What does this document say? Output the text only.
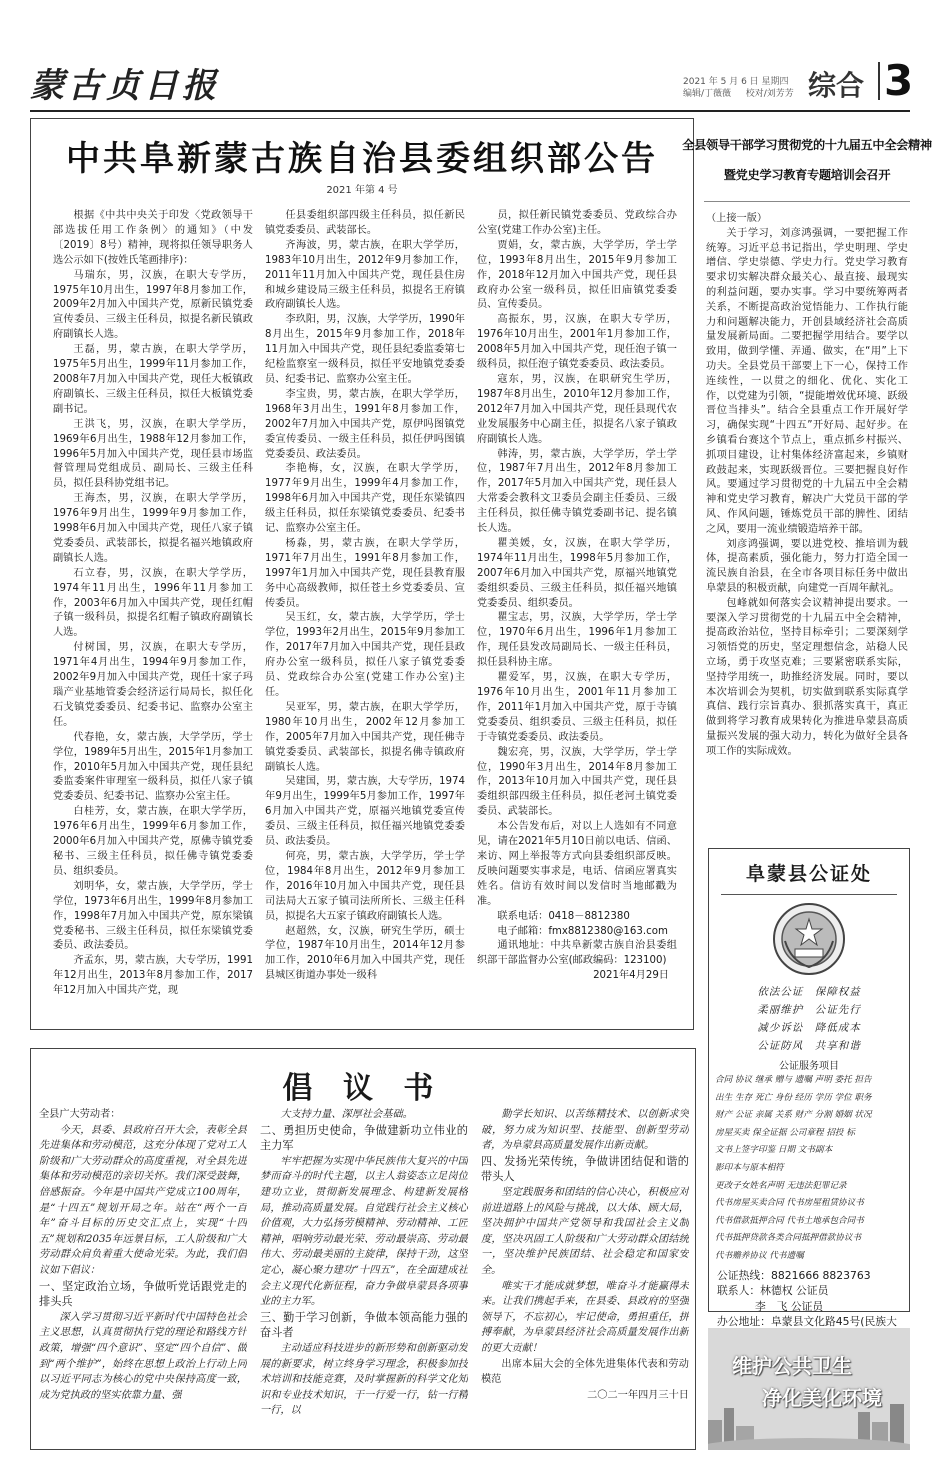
蒙古贞日报	2021 年 5 月 6 日 星期四
编辑/丁薇薇 　 校对/刘芳芳 综合 3
中共阜新蒙古族自治县委组织部公告
2021 年第 4 号

根据《中共中央关于印发〈党政领导干部选拔任用工作条例〉的通知》（中发〔2019〕8号）精神，现将拟任领导职务人选公示如下(按姓氏笔画排序)：

马瑞东，男，汉族，在职大专学历，1975年10月出生，1997年8月参加工作，2009年2月加入中国共产党，原新民镇党委宣传委员、三级主任科员，拟提名新民镇政府副镇长人选。

王磊，男，蒙古族，在职大学学历，1975年5月出生，1999年11月参加工作，2008年7月加入中国共产党，现任大板镇政府副镇长、三级主任科员，拟任大板镇党委副书记。

王洪飞，男，汉族，在职大学学历，1969年6月出生，1988年12月参加工作，1996年5月加入中国共产党，现任县市场监督管理局党组成员、副局长、三级主任科员，拟任县科协党组书记。

王海杰，男，汉族，在职大学学历，1976年9月出生，1999年9月参加工作，1998年6月加入中国共产党，现任八家子镇党委委员、武装部长，拟提名福兴地镇政府副镇长人选。

石立春，男，汉族，在职大学学历，1974年11月出生，1996年11月参加工作，2003年6月加入中国共产党，现任红帽子镇一级科员，拟提名红帽子镇政府副镇长人选。

付树国，男，汉族，在职大专学历，1971年4月出生，1994年9月参加工作，2002年9月加入中国共产党，现任十家子玛瑙产业基地管委会经济运行局局长，拟任化石戈镇党委委员、纪委书记、监察办公室主任。

代春艳，女，蒙古族，大学学历，学士学位，1989年5月出生，2015年1月参加工作，2010年5月加入中国共产党，现任县纪委监委案件审理室一级科员，拟任八家子镇党委委员、纪委书记、监察办公室主任。

白桂芳，女，蒙古族，在职大学学历，1976年6月出生，1999年6月参加工作，2000年6月加入中国共产党，原佛寺镇党委秘书、三级主任科员，拟任佛寺镇党委委员、组织委员。

刘明华，女，蒙古族，大学学历，学士学位，1973年6月出生，1999年8月参加工作，1998年7月加入中国共产党，原东梁镇党委秘书、三级主任科员，拟任东梁镇党委委员、政法委员。

齐孟东，男，蒙古族，大专学历，1991年12月出生，2013年8月参加工作，2017年12月加入中国共产党，现

任县委组织部四级主任科员，拟任新民镇党委委员、武装部长。

齐海波，男，蒙古族，在职大学学历，1983年10月出生，2012年9月参加工作，2011年11月加入中国共产党，现任县住房和城乡建设局三级主任科员，拟提名王府镇政府副镇长人选。

李玖阳，男，汉族，大学学历，1990年8月出生，2015年9月参加工作，2018年11月加入中国共产党，现任县纪委监委第七纪检监察室一级科员，拟任平安地镇党委委员、纪委书记、监察办公室主任。

李宝贵，男，蒙古族，在职大学学历，1968年3月出生，1991年8月参加工作，2002年7月加入中国共产党，原伊吗图镇党委宣传委员、一级主任科员，拟任伊吗图镇党委委员、政法委员。

李艳梅，女，汉族，在职大学学历，1977年9月出生，1999年4月参加工作，1998年6月加入中国共产党，现任东梁镇四级主任科员，拟任东梁镇党委委员、纪委书记、监察办公室主任。

杨淼，男，蒙古族，在职大学学历，1971年7月出生，1991年8月参加工作，1997年1月加入中国共产党，现任县教育服务中心高级教师，拟任苍土乡党委委员、宣传委员。

吴玉红，女，蒙古族，大学学历，学士学位，1993年2月出生，2015年9月参加工作，2017年7月加入中国共产党，现任县政府办公室一级科员，拟任八家子镇党委委员、党政综合办公室(党建工作办公室)主任。

吴亚军，男，蒙古族，在职大学学历，1980年10月出生，2002年12月参加工作，2005年7月加入中国共产党，现任佛寺镇党委委员、武装部长，拟提名佛寺镇政府副镇长人选。

吴建国，男，蒙古族，大专学历，1974年9月出生，1999年5月参加工作，1997年6月加入中国共产党，原福兴地镇党委宣传委员、三级主任科员，拟任福兴地镇党委委员、政法委员。

何亮，男，蒙古族，大学学历，学士学位，1984年8月出生，2012年9月参加工作，2016年10月加入中国共产党，现任县司法局大五家子镇司法所所长、三级主任科员，拟提名大五家子镇政府副镇长人选。

赵超然，女，汉族，研究生学历，硕士学位，1987年10月出生，2014年12月参加工作，2010年6月加入中国共产党，现任县城区街道办事处一级科

员，拟任新民镇党委委员、党政综合办公室(党建工作办公室)主任。

贾娟，女，蒙古族，大学学历，学士学位，1993年8月出生，2015年9月参加工作，2018年12月加入中国共产党，现任县政府办公室一级科员，拟任旧庙镇党委委员、宣传委员。

高振东，男，汉族，在职大专学历，1976年10月出生，2001年1月参加工作，2008年5月加入中国共产党，现任泡子镇一级科员，拟任泡子镇党委委员、政法委员。

寇东，男，汉族，在职研究生学历，1987年8月出生，2010年12月参加工作，2012年7月加入中国共产党，现任县现代农业发展服务中心副主任，拟提名八家子镇政府副镇长人选。

韩涛，男，蒙古族，大学学历，学士学位，1987年7月出生，2012年8月参加工作，2017年5月加入中国共产党，现任县人大常委会教科文卫委员会副主任委员、三级主任科员，拟任佛寺镇党委副书记、提名镇长人选。

瞿美媛，女，汉族，在职大学学历，1974年11月出生，1998年5月参加工作，2007年6月加入中国共产党，原福兴地镇党委组织委员、三级主任科员，拟任福兴地镇党委委员、组织委员。

瞿宝志，男，汉族，大学学历，学士学位，1970年6月出生，1996年1月参加工作，现任县发改局副局长、一级主任科员，拟任县科协主席。

瞿爱军，男，汉族，在职大专学历，1976年10月出生，2001年11月参加工作，2011年1月加入中国共产党，原于寺镇党委委员、组织委员、三级主任科员，拟任于寺镇党委委员、政法委员。

魏宏亮，男，汉族，大学学历，学士学位，1990年3月出生，2014年8月参加工作，2013年10月加入中国共产党，现任县委组织部四级主任科员，拟任老河土镇党委委员、武装部长。

本公告发布后，对以上人选如有不同意见，请在2021年5月10日前以电话、信函、来访、网上举报等方式向县委组织部反映。反映问题要实事求是，电话、信函应署真实姓名。信访有效时间以发信时当地邮戳为准。

联系电话：0418－8812380

电子邮箱：fmx8812380@163.com

通讯地址：中共阜新蒙古族自治县委组织部干部监督办公室(邮政编码：123100)

2021年4月29日

全县领导干部学习贯彻党的十九届五中全会精神
暨党史学习教育专题培训会召开

（上接一版）

关于学习，刘彦鸿强调，一要把握工作统筹。习近平总书记指出，学史明理、学史增信、学史崇德、学史力行。党史学习教育要求切实解决群众最关心、最直接、最现实的利益问题，要办实事。学习中要统筹两者关系，不断提高政治觉悟能力、工作执行能力和问题解决能力，开创县域经济社会高质量发展新局面。二要把握学用结合。要学以致用，做到学懂、弄通、做实，在“用”上下功夫。全县党员干部要上下一心，保持工作连续性，一以贯之的细化、优化、实化工作，以党建为引领，“提能增效优环境、跃级晋位当排头”。结合全县重点工作开展好学习，确保实现“十四五”开好局、起好步。在乡镇看台赛这个节点上，重点抓乡村振兴、抓项目建设，让村集体经济富起来，乡镇财政鼓起来，实现跃级晋位。三要把握良好作风。要通过学习贯彻党的十九届五中全会精神和党史学习教育，解决广大党员干部的学风、作风问题，锤炼党员干部的脾性、团结之风，要用一流业绩锻造培养干部。

刘彦鸿强调，要以进党校、推培训为载体，提高素质，强化能力，努力打造全国一流民族自治县，在全市各项目标任务中做出阜蒙县的积极贡献，向建党一百周年献礼。

包峰就如何落实会议精神提出要求。一要深入学习贯彻党的十九届五中全会精神，提高政治站位，坚持目标牵引；二要深刻学习领悟党的历史，坚定理想信念，站稳人民立场，勇于攻坚克难；三要紧密联系实际，坚持学用统一，助推经济发展。同时，要以本次培训会为契机，切实做到联系实际真学真信、践行宗旨真办、狠抓落实真干，真正做到将学习教育成果转化为推进阜蒙县高质量振兴发展的强大动力，转化为做好全县各项工作的实际成效。

阜蒙县公证处
依法公证　保障权益
柔丽维护　公证先行
减少诉讼　降低成本
公证防风　共享和谐
公证服务项目
合同 协议 继承 赠与 遗嘱 声明 委托 担告
出生 生存 死亡 身份 经历 学历 学位 职务
财产 公证 亲属 关系 财产 分割 婚姻 状况
房屋买卖 保全证据 公司章程 招投 标
文书上签字印鉴 日期 文书副本
影印本与原本相符
更改子女姓名声明 无违法犯罪记录
代书房屋买卖合同 代书房屋租赁协议书
代书借款抵押合同 代书土地承包合同书
代书抵押贷款各类合同抵押借款协议书
代书赡养协议 代书遗嘱
公证热线：8821666 8823763
联系人：林德权 公证员
李　飞 公证员
办公地址：阜蒙县文化路45号(民族大
维护公共卫生
净化美化环境
倡 议 书

全县广大劳动者：

今天，县委、县政府召开大会，表彰全县先进集体和劳动模范，这充分体现了党对工人阶级和广大劳动群众的高度重视，对全县先进集体和劳动模范的亲切关怀。我们深受鼓舞，倍感振奋。今年是中国共产党成立100周年，是“十四五”规划开局之年。站在“两个一百年”奋斗目标的历史交汇点上，实现“十四五”规划和2035年远景目标，工人阶级和广大劳动群众肩负着重大使命光荣。为此，我们倡议如下倡议：

一、坚定政治立场，争做听党话跟党走的排头兵

深入学习贯彻习近平新时代中国特色社会主义思想，认真贯彻执行党的理论和路线方针政策，增强“四个意识”、坚定“四个自信”、做到“两个维护”，始终在思想上政治上行动上同以习近平同志为核心的党中央保持高度一致，成为党执政的坚实依靠力量、强

大支持力量、深厚社会基础。

二、勇担历史使命，争做建新功立伟业的主力军

牢牢把握为实现中华民族伟大复兴的中国梦而奋斗的时代主题，以主人翁姿态立足岗位建功立业，贯彻新发展理念、构建新发展格局，推动高质量发展。自觉践行社会主义核心价值观，大力弘扬劳模精神、劳动精神、工匠精神，唱响劳动最光荣、劳动最崇高、劳动最伟大、劳动最美丽的主旋律，保持干劲，这坚定心，凝心聚力建功“十四五”，在全面建成社会主义现代化新征程，奋力争做阜蒙县各项事业的主力军。

三、勤于学习创新，争做本领高能力强的奋斗者

主动适应科技进步的新形势和创新驱动发展的新要求，树立终身学习理念，积极参加技术培训和技能竞赛，及时掌握新的科学文化知识和专业技术知识，干一行爱一行，钻一行精一行，以

勤学长知识、以苦练精技术、以创新求突破，努力成为知识型、技能型、创新型劳动者，为阜蒙县高质量发展作出新贡献。

四、发扬光荣传统，争做讲团结促和谐的带头人

坚定践服务和团结的信心决心，积极应对前进道路上的风险与挑战，以大体、顾大局，坚决拥护中国共产党领导和我国社会主义制度，坚决巩固工人阶级和广大劳动群众团结统一，坚决维护民族团结、社会稳定和国家安全。

唯实干才能成就梦想，唯奋斗才能赢得未来。让我们携起手来，在县委、县政府的坚强领导下，不忘初心，牢记使命，勇担重任，拼搏奉献，为阜蒙县经济社会高质量发展作出新的更大贡献！

出席本届大会的全体先进集体代表和劳动模范

二〇二一年四月三十日
